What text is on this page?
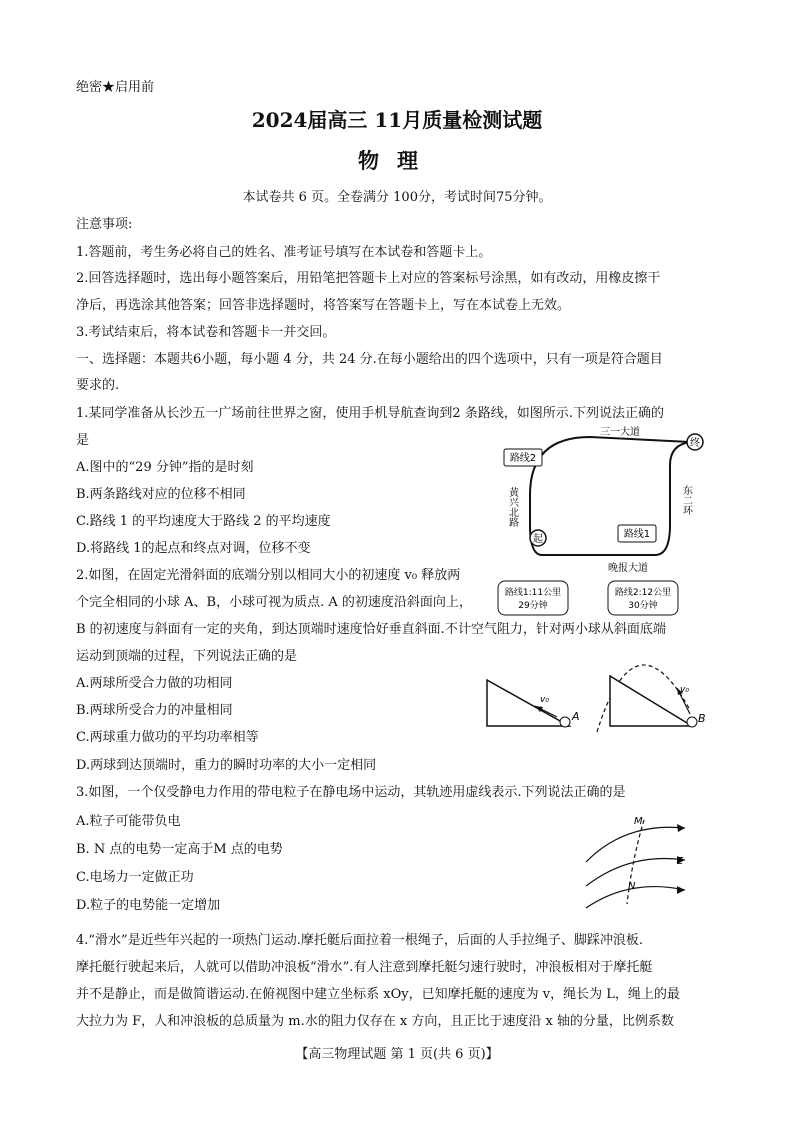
绝密★启用前
2024届高三 11月质量检测试题
物理
本试卷共 6 页。全卷满分 100分，考试时间75分钟。
注意事项:
1.答题前，考生务必将自己的姓名、准考证号填写在本试卷和答题卡上。
2.回答选择题时，选出每小题答案后，用铅笔把答题卡上对应的答案标号涂黑，如有改动，用橡皮擦干
净后，再选涂其他答案；回答非选择题时，将答案写在答题卡上，写在本试卷上无效。
3.考试结束后，将本试卷和答题卡一并交回。
一、选择题：本题共6小题，每小题 4 分，共 24 分.在每小题给出的四个选项中，只有一项是符合题目
要求的.
1.某同学准备从长沙五一广场前往世界之窗，使用手机导航查询到2 条路线，如图所示.下列说法正确的
是
A.图中的“29 分钟”指的是时刻
B.两条路线对应的位移不相同
C.路线 1 的平均速度大于路线 2 的平均速度
D.将路线 1的起点和终点对调，位移不变
终
起
路线2
路线1
三一大道
晚报大道
黄兴北路	东二环
路线1:11公里
29分钟
路线2:12公里
30分钟
2.如图，在固定光滑斜面的底端分别以相同大小的初速度 v₀ 释放两
个完全相同的小球 A、B，小球可视为质点. A 的初速度沿斜面向上，
B 的初速度与斜面有一定的夹角，到达顶端时速度恰好垂直斜面.不计空气阻力，针对两小球从斜面底端
运动到顶端的过程，下列说法正确的是
A.两球所受合力做的功相同
B.两球所受合力的冲量相同
C.两球重力做功的平均功率相等
D.两球到达顶端时，重力的瞬时功率的大小一定相同
v₀
A
v₀
B
3.如图，一个仅受静电力作用的带电粒子在静电场中运动，其轨迹用虚线表示.下列说法正确的是
A.粒子可能带负电
B. N 点的电势一定高于M 点的电势
C.电场力一定做正功
D.粒子的电势能一定增加
M
N
E
4.“滑水”是近些年兴起的一项热门运动.摩托艇后面拉着一根绳子，后面的人手拉绳子、脚踩冲浪板.
摩托艇行驶起来后，人就可以借助冲浪板“滑水”.有人注意到摩托艇匀速行驶时，冲浪板相对于摩托艇
并不是静止，而是做简谐运动.在俯视图中建立坐标系 xOy，已知摩托艇的速度为 v，绳长为 L，绳上的最
大拉力为 F，人和冲浪板的总质量为 m.水的阻力仅存在 x 方向，且正比于速度沿 x 轴的分量，比例系数
【高三物理试题 第 1 页(共 6 页)】
